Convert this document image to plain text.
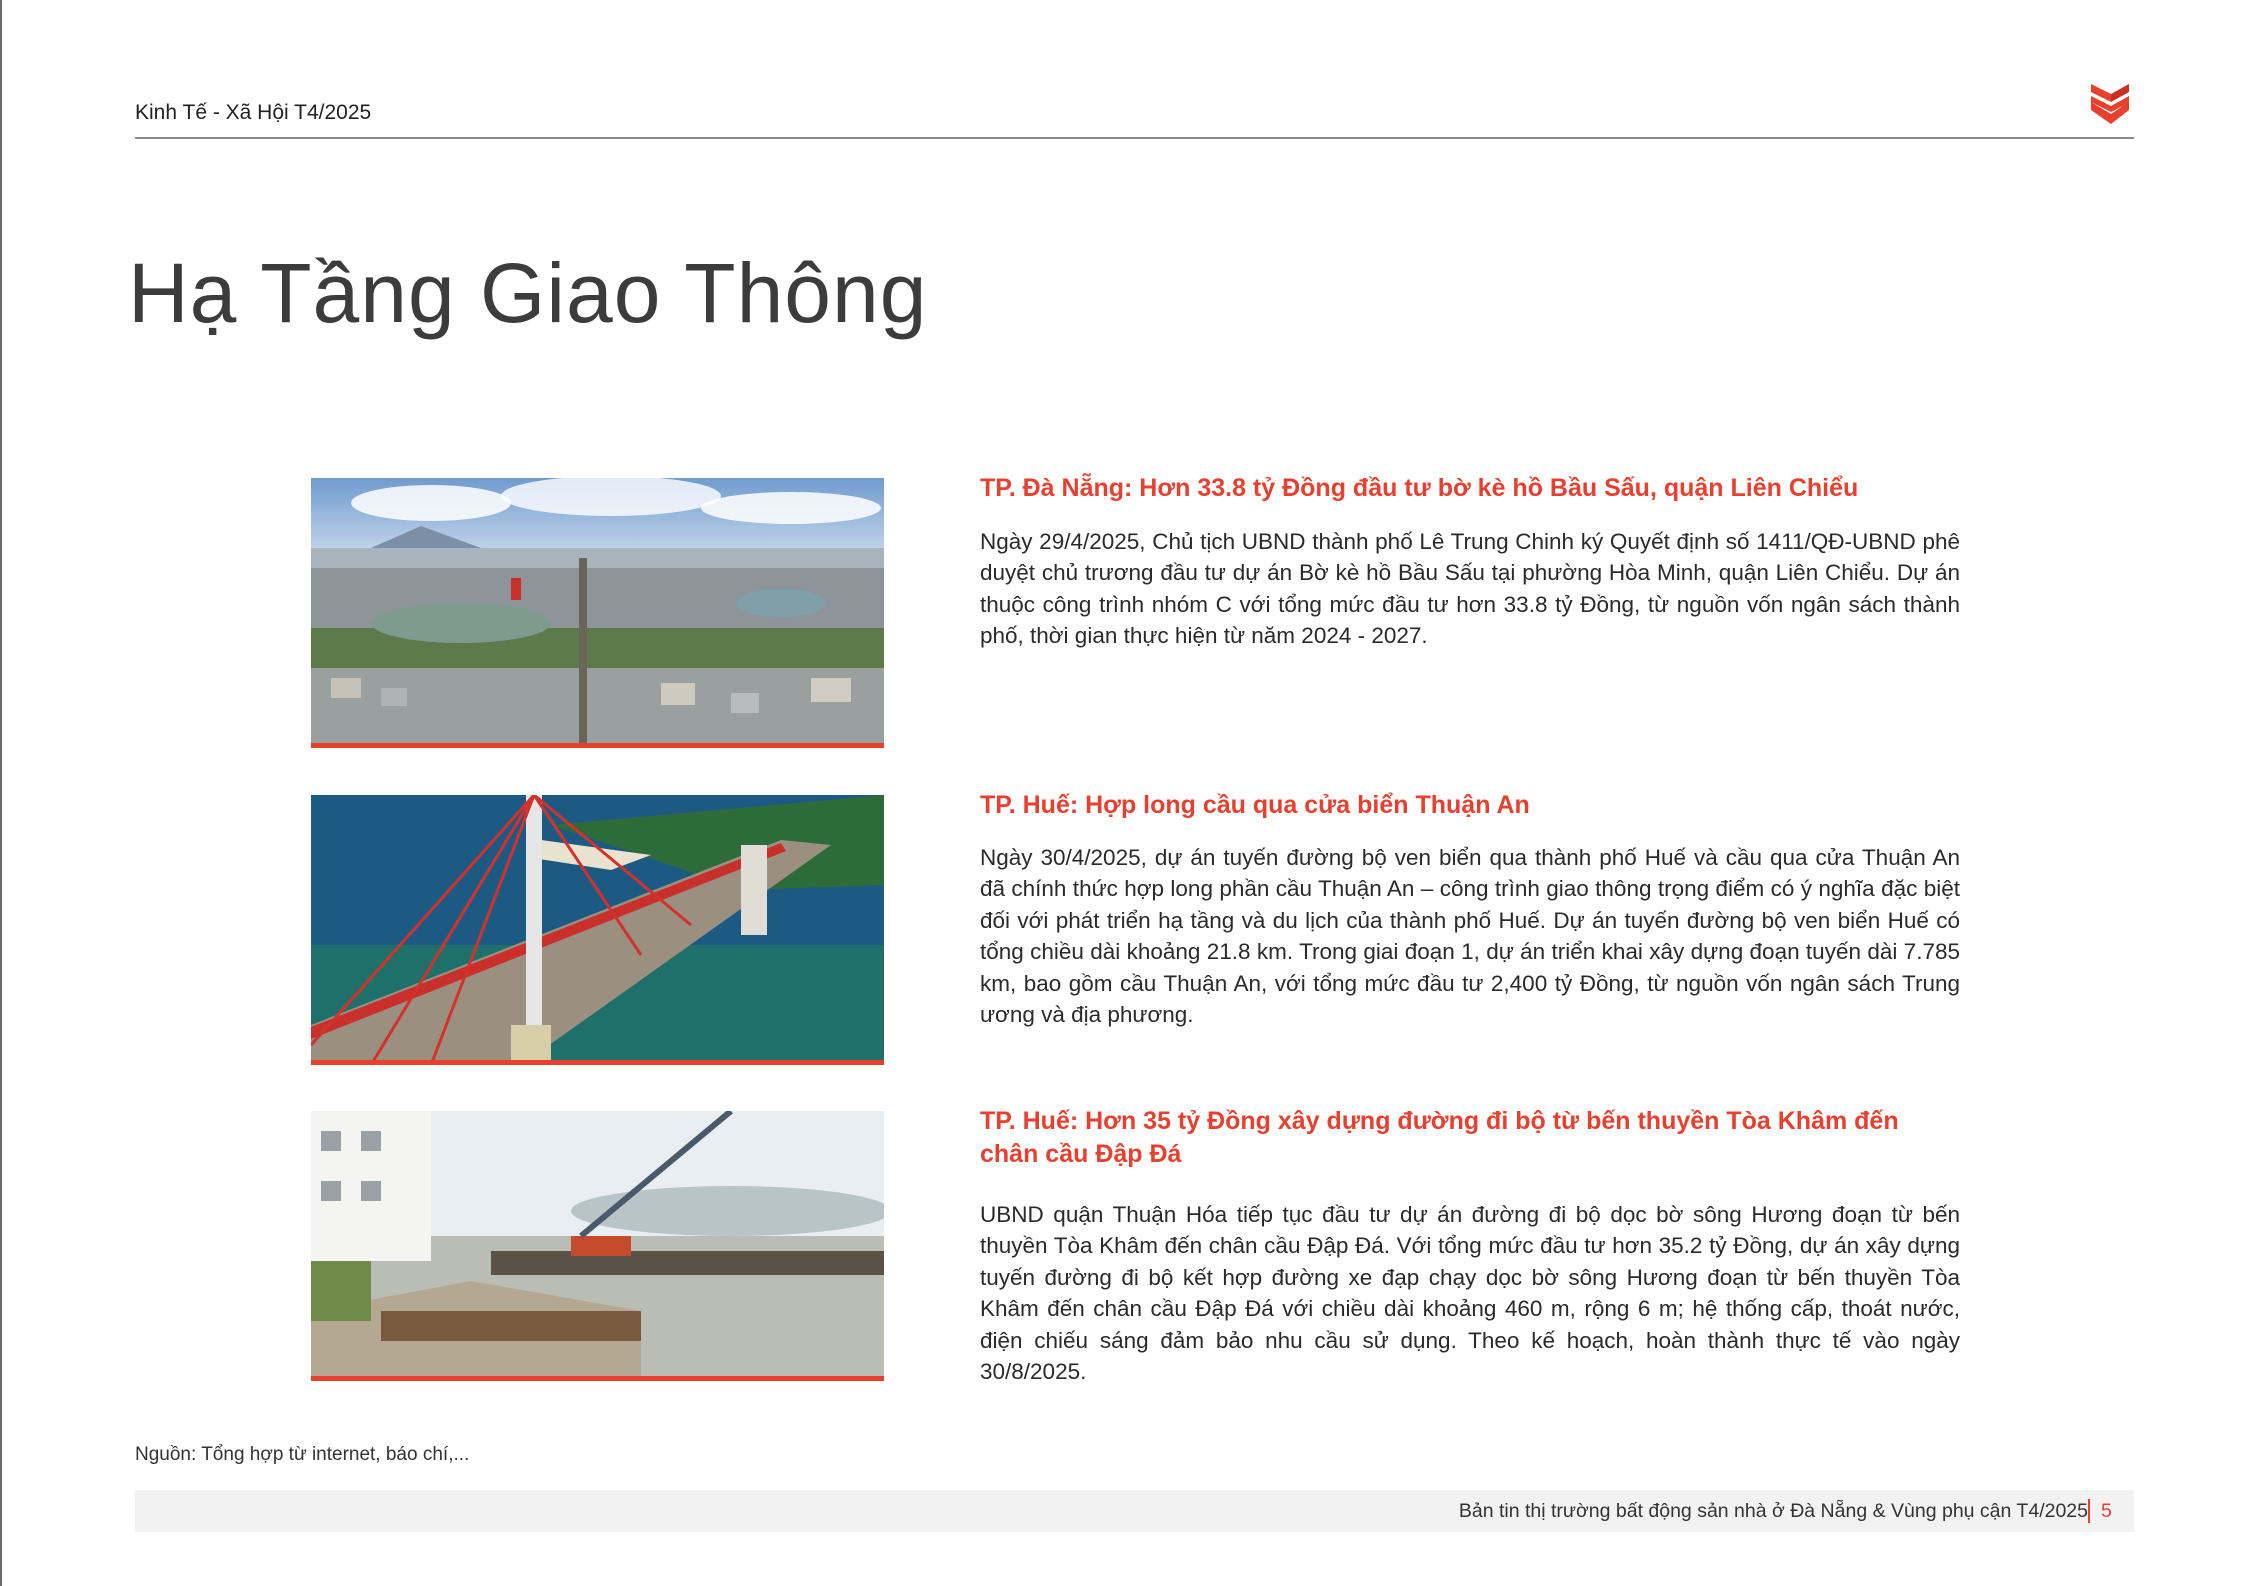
Kinh Tế - Xã Hội T4/2025
Hạ Tầng Giao Thông
TP. Đà Nẵng: Hơn 33.8 tỷ Đồng đầu tư bờ kè hồ Bầu Sấu, quận Liên Chiểu
Ngày 29/4/2025, Chủ tịch UBND thành phố Lê Trung Chinh ký Quyết định số 1411/QĐ-UBND phê duyệt chủ trương đầu tư dự án Bờ kè hồ Bầu Sấu tại phường Hòa Minh, quận Liên Chiểu. Dự án thuộc công trình nhóm C với tổng mức đầu tư hơn 33.8 tỷ Đồng, từ nguồn vốn ngân sách thành phố, thời gian thực hiện từ năm 2024 - 2027.
TP. Huế: Hợp long cầu qua cửa biển Thuận An
Ngày 30/4/2025, dự án tuyến đường bộ ven biển qua thành phố Huế và cầu qua cửa Thuận An đã chính thức hợp long phần cầu Thuận An – công trình giao thông trọng điểm có ý nghĩa đặc biệt đối với phát triển hạ tầng và du lịch của thành phố Huế. Dự án tuyến đường bộ ven biển Huế có tổng chiều dài khoảng 21.8 km. Trong giai đoạn 1, dự án triển khai xây dựng đoạn tuyến dài 7.785 km, bao gồm cầu Thuận An, với tổng mức đầu tư 2,400 tỷ Đồng, từ nguồn vốn ngân sách Trung ương và địa phương.
TP. Huế: Hơn 35 tỷ Đồng xây dựng đường đi bộ từ bến thuyền Tòa Khâm đến chân cầu Đập Đá
UBND quận Thuận Hóa tiếp tục đầu tư dự án đường đi bộ dọc bờ sông Hương đoạn từ bến thuyền Tòa Khâm đến chân cầu Đập Đá. Với tổng mức đầu tư hơn 35.2 tỷ Đồng, dự án xây dựng tuyến đường đi bộ kết hợp đường xe đạp chạy dọc bờ sông Hương đoạn từ bến thuyền Tòa Khâm đến chân cầu Đập Đá với chiều dài khoảng 460 m, rộng 6 m; hệ thống cấp, thoát nước, điện chiếu sáng đảm bảo nhu cầu sử dụng. Theo kế hoạch, hoàn thành thực tế vào ngày 30/8/2025.
Nguồn: Tổng hợp từ internet, báo chí,...
Bản tin thị trường bất động sản nhà ở Đà Nẵng & Vùng phụ cận T4/2025 5
